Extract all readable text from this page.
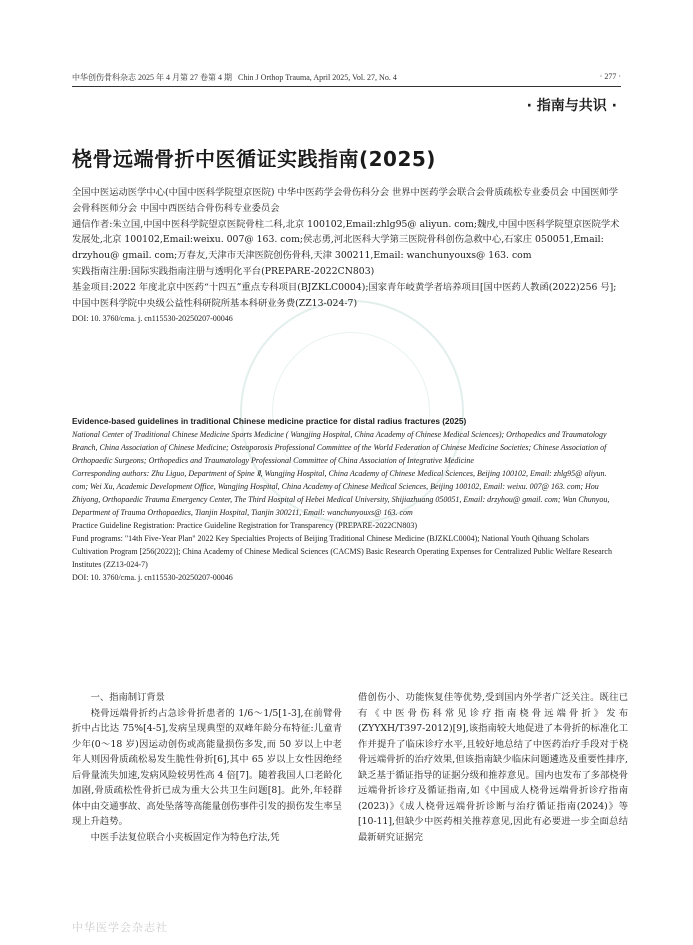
中华创伤骨科杂志 2025 年 4 月第 27 卷第 4 期 Chin J Orthop Trauma, April 2025, Vol. 27, No. 4	· 277 ·
· 指南与共识 ·
桡骨远端骨折中医循证实践指南(2025)

全国中医运动医学中心(中国中医科学院望京医院) 中华中医药学会骨伤科分会 世界中医药学会联合会骨质疏松专业委员会 中国医师学会骨科医师分会 中国中西医结合骨伤科专业委员会

通信作者:朱立国,中国中医科学院望京医院骨柱二科,北京 100102,Email:zhlg95@ aliyun. com;魏戌,中国中医科学院望京医院学术发展处,北京 100102,Email:weixu. 007@ 163. com;侯志勇,河北医科大学第三医院骨科创伤急救中心,石家庄 050051,Email: drzyhou@ gmail. com;万春友,天津市天津医院创伤骨科,天津 300211,Email: wanchunyouxs@ 163. com

实践指南注册:国际实践指南注册与透明化平台(PREPARE-2022CN803)

基金项目:2022 年度北京中医药“十四五”重点专科项目(BJZKLC0004);国家青年岐黄学者培养项目[国中医药人教函(2022)256 号];中国中医科学院中央级公益性科研院所基本科研业务费(ZZ13-024-7)

DOI: 10. 3760/cma. j. cn115530-20250207-00046

Evidence-based guidelines in traditional Chinese medicine practice for distal radius fractures (2025)

National Center of Traditional Chinese Medicine Sports Medicine ( Wangjing Hospital, China Academy of Chinese Medical Sciences); Orthopedics and Traumatology Branch, China Association of Chinese Medicine; Osteoporosis Professional Committee of the World Federation of Chinese Medicine Societies; Chinese Association of Orthopaedic Surgeons; Orthopedics and Traumatology Professional Committee of China Association of Integrative Medicine

Corresponding authors: Zhu Liguo, Department of Spine Ⅱ, Wangjing Hospital, China Academy of Chinese Medical Sciences, Beijing 100102, Email: zhlg95@ aliyun. com; Wei Xu, Academic Development Office, Wangjing Hospital, China Academy of Chinese Medical Sciences, Beijing 100102, Email: weixu. 007@ 163. com; Hou Zhiyong, Orthopaedic Trauma Emergency Center, The Third Hospital of Hebei Medical University, Shijiazhuang 050051, Email: drzyhou@ gmail. com; Wan Chunyou, Department of Trauma Orthopaedics, Tianjin Hospital, Tianjin 300211, Email: wanchunyouxs@ 163. com

Practice Guideline Registration: Practice Guideline Registration for Transparency (PREPARE-2022CN803)

Fund programs: "14th Five-Year Plan" 2022 Key Specialties Projects of Beijing Traditional Chinese Medicine (BJZKLC0004); National Youth Qihuang Scholars Cultivation Program [256(2022)]; China Academy of Chinese Medical Sciences (CACMS) Basic Research Operating Expenses for Centralized Public Welfare Research Institutes (ZZ13-024-7)

DOI: 10. 3760/cma. j. cn115530-20250207-00046

一、指南制订背景

桡骨远端骨折约占急诊骨折患者的 1/6～1/5[1-3],在前臂骨折中占比达 75%[4-5],发病呈现典型的双峰年龄分布特征:儿童青少年(0～18 岁)因运动创伤或高能量损伤多发,而 50 岁以上中老年人则因骨质疏松易发生脆性骨折[6],其中 65 岁以上女性因绝经后骨量流失加速,发病风险较男性高 4 倍[7]。随着我国人口老龄化加剧,骨质疏松性骨折已成为重大公共卫生问题[8]。此外,年轻群体中由交通事故、高处坠落等高能量创伤事件引发的损伤发生率呈现上升趋势。

中医手法复位联合小夹板固定作为特色疗法,凭

借创伤小、功能恢复佳等优势,受到国内外学者广泛关注。既往已有《中医骨伤科常见诊疗指南桡骨远端骨折》发布(ZYYXH/T397-2012)[9],该指南较大地促进了本骨折的标准化工作并提升了临床诊疗水平,且较好地总结了中医药治疗手段对于桡骨远端骨折的治疗效果,但该指南缺少临床问题遴选及重要性排序,缺乏基于循证指导的证据分级和推荐意见。国内也发布了多部桡骨远端骨折诊疗及循证指南,如《中国成人桡骨远端骨折诊疗指南(2023)》《成人桡骨远端骨折诊断与治疗循证指南(2024)》等[10-11],但缺少中医药相关推荐意见,因此有必要进一步全面总结最新研究证据完

中华医学会杂志社
